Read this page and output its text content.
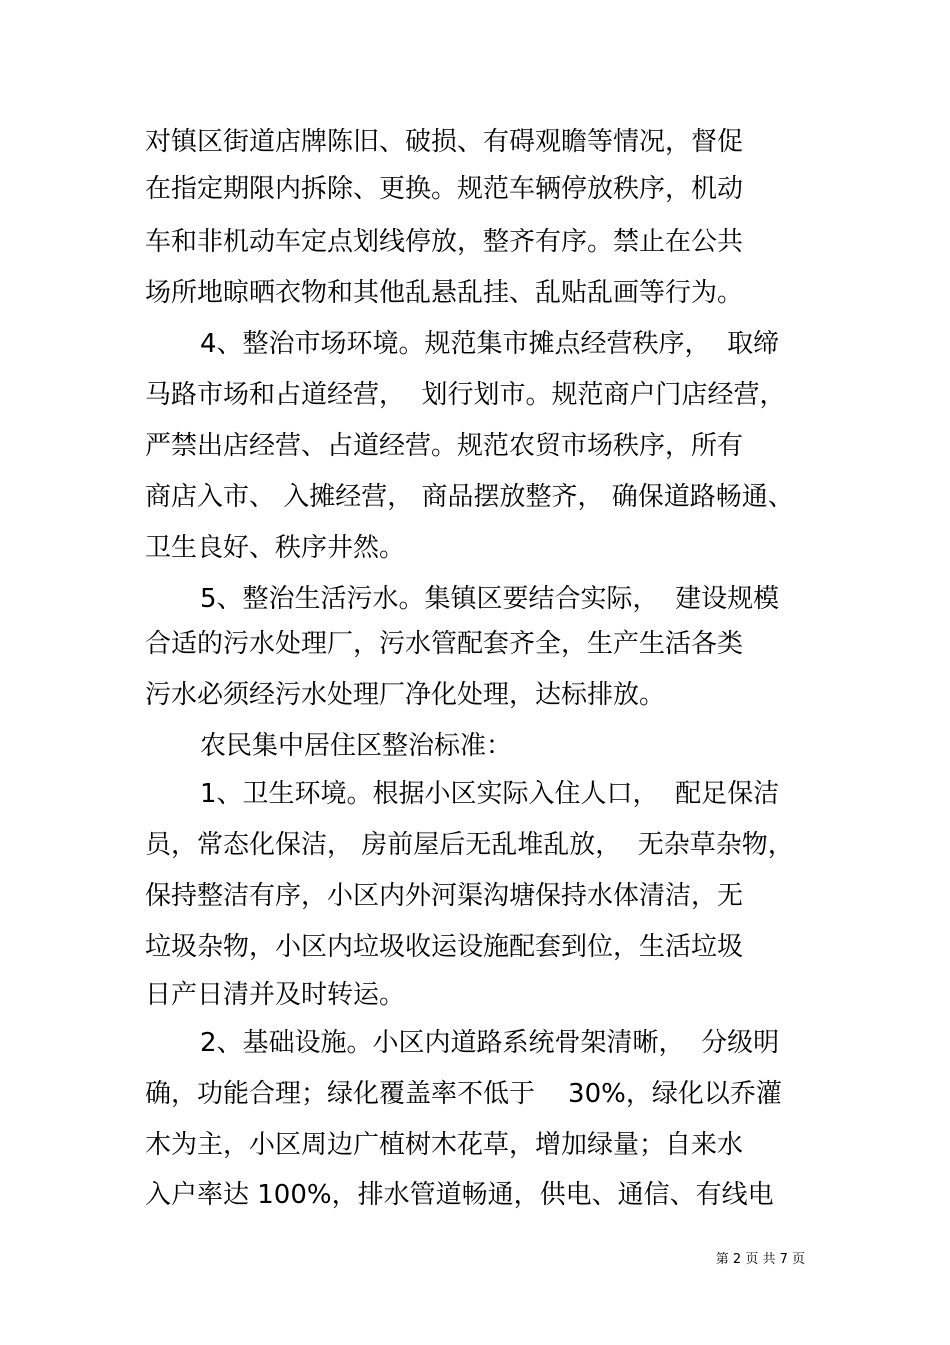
对镇区街道店牌陈旧、破损、有碍观瞻等情况，督促
在指定期限内拆除、更换。规范车辆停放秩序，机动
车和非机动车定点划线停放，整齐有序。禁止在公共
场所地晾晒衣物和其他乱悬乱挂、乱贴乱画等行为。
4、整治市场环境。规范集市摊点经营秩序，  取缔
马路市场和占道经营，  划行划市。规范商户门店经营，
严禁出店经营、占道经营。规范农贸市场秩序，所有
商店入市、 入摊经营， 商品摆放整齐， 确保道路畅通、
卫生良好、秩序井然。
5、整治生活污水。集镇区要结合实际，  建设规模
合适的污水处理厂，污水管配套齐全，生产生活各类
污水必须经污水处理厂净化处理，达标排放。
农民集中居住区整治标准：
1、卫生环境。根据小区实际入住人口，  配足保洁
员，常态化保洁， 房前屋后无乱堆乱放，  无杂草杂物，
保持整洁有序，小区内外河渠沟塘保持水体清洁，无
垃圾杂物，小区内垃圾收运设施配套到位，生活垃圾
日产日清并及时转运。
2、基础设施。小区内道路系统骨架清晰，  分级明
确，功能合理；绿化覆盖率不低于    30%，绿化以乔灌
木为主，小区周边广植树木花草，增加绿量；自来水
入户率达 100%，排水管道畅通，供电、通信、有线电
第 2 页 共 7 页
